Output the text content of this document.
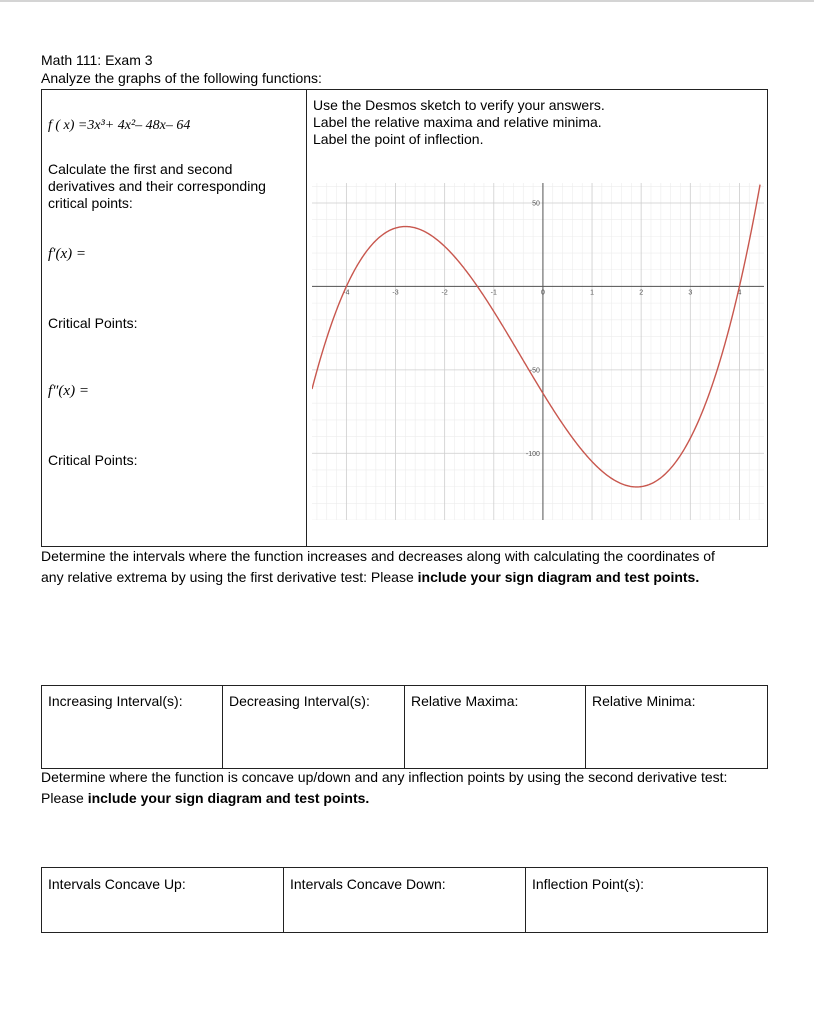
Math 111: Exam 3
Analyze the graphs of the following functions:
f ( x) =3x³+ 4x²– 48x– 64
Calculate the first and second
derivatives and their corresponding
critical points:
f′(x) =
Critical Points:
f″(x) =
Critical Points:
Use the Desmos sketch to verify your answers.
Label the relative maxima and relative minima.
Label the point of inflection.
-4	-3	-2	-1	0	1	2	3	4
50
-50
-100
Determine the intervals where the function increases and decreases along with calculating the coordinates of
any relative extrema by using the first derivative test: Please include your sign diagram and test points.
Increasing Interval(s):	Decreasing Interval(s):	Relative Maxima:	Relative Minima:
Determine where the function is concave up/down and any inflection points by using the second derivative test:
Please include your sign diagram and test points.
Intervals Concave Up:	Intervals Concave Down:	Inflection Point(s):
